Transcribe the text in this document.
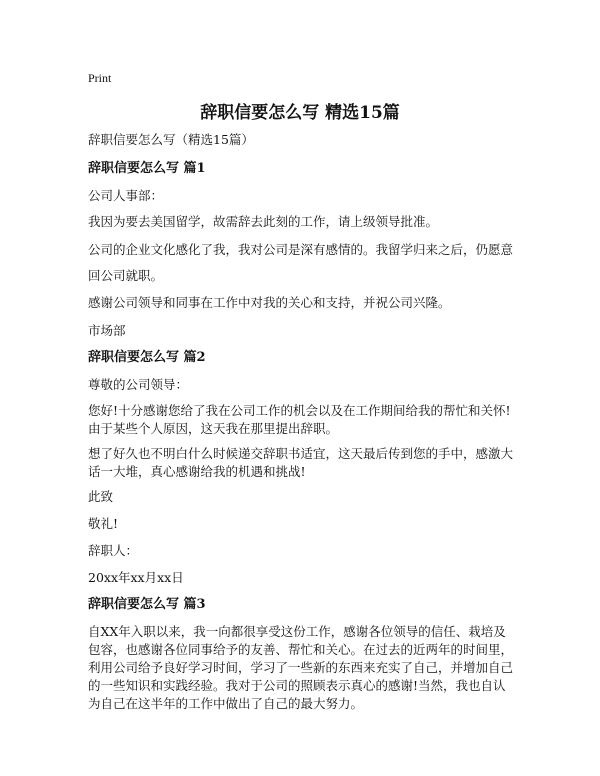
Print
辞职信要怎么写 精选15篇

辞职信要怎么写（精选15篇）

辞职信要怎么写 篇1

公司人事部：

我因为要去美国留学，故需辞去此刻的工作，请上级领导批准。

公司的企业文化感化了我，我对公司是深有感情的。我留学归来之后，仍愿意

回公司就职。

感谢公司领导和同事在工作中对我的关心和支持，并祝公司兴隆。

市场部

辞职信要怎么写 篇2

尊敬的公司领导：

您好!十分感谢您给了我在公司工作的机会以及在工作期间给我的帮忙和关怀!由于某些个人原因，这天我在那里提出辞职。

想了好久也不明白什么时候递交辞职书适宜，这天最后传到您的手中，感激大话一大堆，真心感谢给我的机遇和挑战!

此致

敬礼!

辞职人：

20xx年xx月xx日

辞职信要怎么写 篇3

自XX年入职以来，我一向都很享受这份工作，感谢各位领导的信任、栽培及包容，也感谢各位同事给予的友善、帮忙和关心。在过去的近两年的时间里，利用公司给予良好学习时间，学习了一些新的东西来充实了自己，并增加自己的一些知识和实践经验。我对于公司的照顾表示真心的感谢!当然，我也自认为自己在这半年的工作中做出了自己的最大努力。
